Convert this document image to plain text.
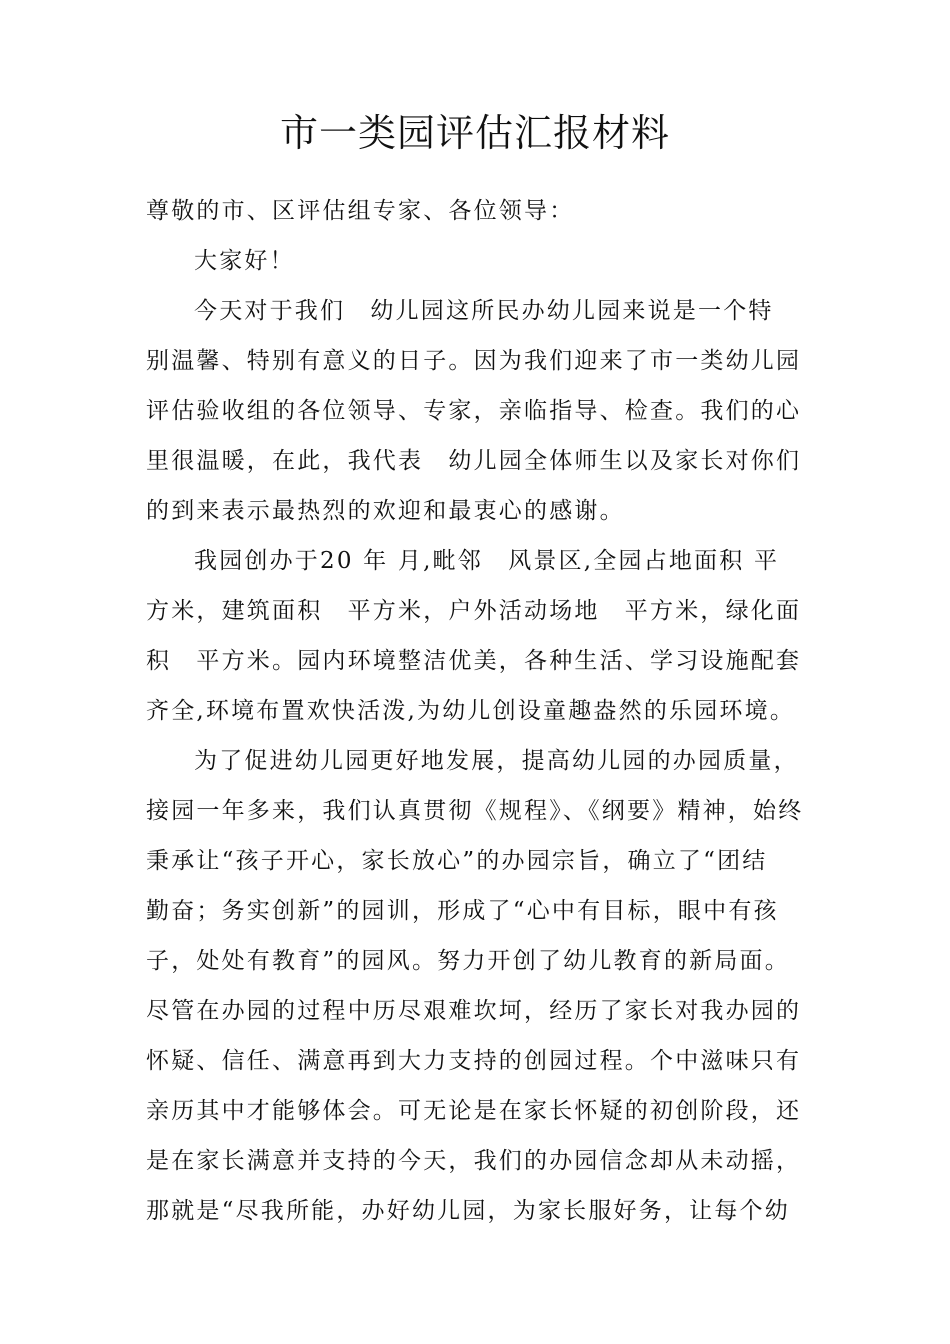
市一类园评估汇报材料
尊敬的市、区评估组专家、各位领导：
大家好！
今天对于我们　幼儿园这所民办幼儿园来说是一个特
别温馨、特别有意义的日子。因为我们迎来了市一类幼儿园
评估验收组的各位领导、专家，亲临指导、检查。我们的心
里很温暖，在此，我代表　幼儿园全体师生以及家长对你们
的到来表示最热烈的欢迎和最衷心的感谢。
我园创办于20 年 月,毗邻　风景区,全园占地面积 平
方米，建筑面积　平方米，户外活动场地　平方米，绿化面
积　平方米。园内环境整洁优美，各种生活、学习设施配套
齐全,环境布置欢快活泼,为幼儿创设童趣盎然的乐园环境。
为了促进幼儿园更好地发展，提高幼儿园的办园质量，
接园一年多来，我们认真贯彻《规程》、《纲要》精神，始终
秉承让“孩子开心，家长放心”的办园宗旨，确立了“团结
勤奋；务实创新”的园训，形成了“心中有目标，眼中有孩
子，处处有教育”的园风。努力开创了幼儿教育的新局面。
尽管在办园的过程中历尽艰难坎坷，经历了家长对我办园的
怀疑、信任、满意再到大力支持的创园过程。个中滋味只有
亲历其中才能够体会。可无论是在家长怀疑的初创阶段，还
是在家长满意并支持的今天，我们的办园信念却从未动摇，
那就是“尽我所能，办好幼儿园，为家长服好务，让每个幼
